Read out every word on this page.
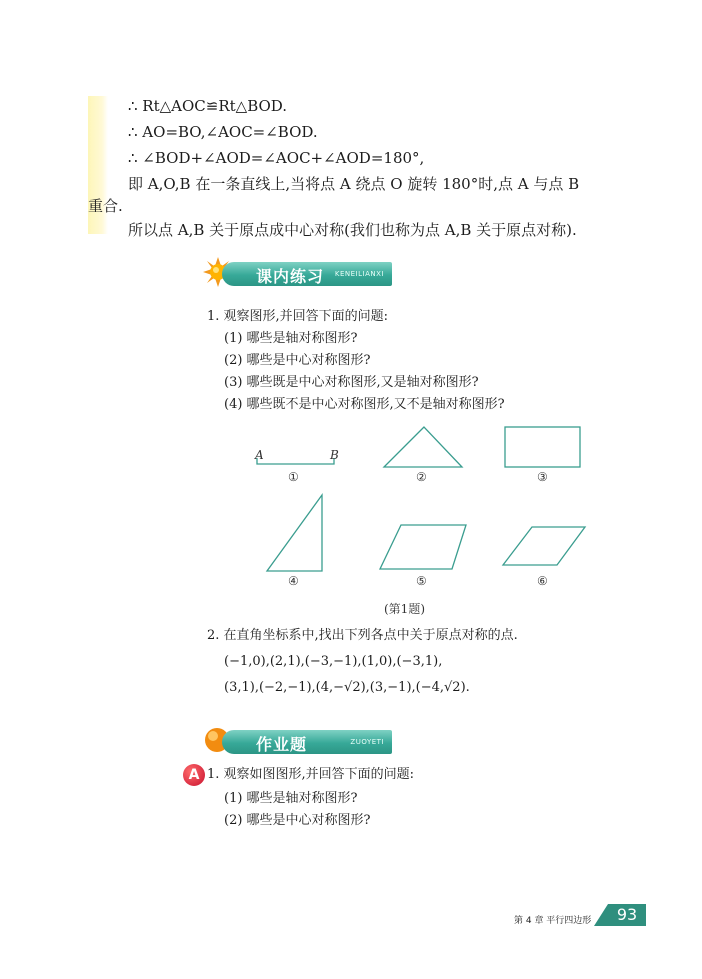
∴ Rt△AOC≌Rt△BOD.
∴ AO=BO,∠AOC=∠BOD.
∴ ∠BOD+∠AOD=∠AOC+∠AOD=180°,
即 A,O,B 在一条直线上,当将点 A 绕点 O 旋转 180°时,点 A 与点 B
重合.
所以点 A,B 关于原点成中心对称(我们也称为点 A,B 关于原点对称).
课内练习 KENEILIANXI
1. 观察图形,并回答下面的问题:
(1) 哪些是轴对称图形?
(2) 哪些是中心对称图形?
(3) 哪些既是中心对称图形,又是轴对称图形?
(4) 哪些既不是中心对称图形,又不是轴对称图形?
A	B
①	②	③
④	⑤	⑥
(第1题)
2. 在直角坐标系中,找出下列各点中关于原点对称的点.
(−1,0),(2,1),(−3,−1),(1,0),(−3,1),
(3,1),(−2,−1),(4,−√2),(3,−1),(−4,√2).
作业题	ZUOYETI
A 1. 观察如图图形,并回答下面的问题:
(1) 哪些是轴对称图形?
(2) 哪些是中心对称图形?
第 4 章 平行四边形	93
